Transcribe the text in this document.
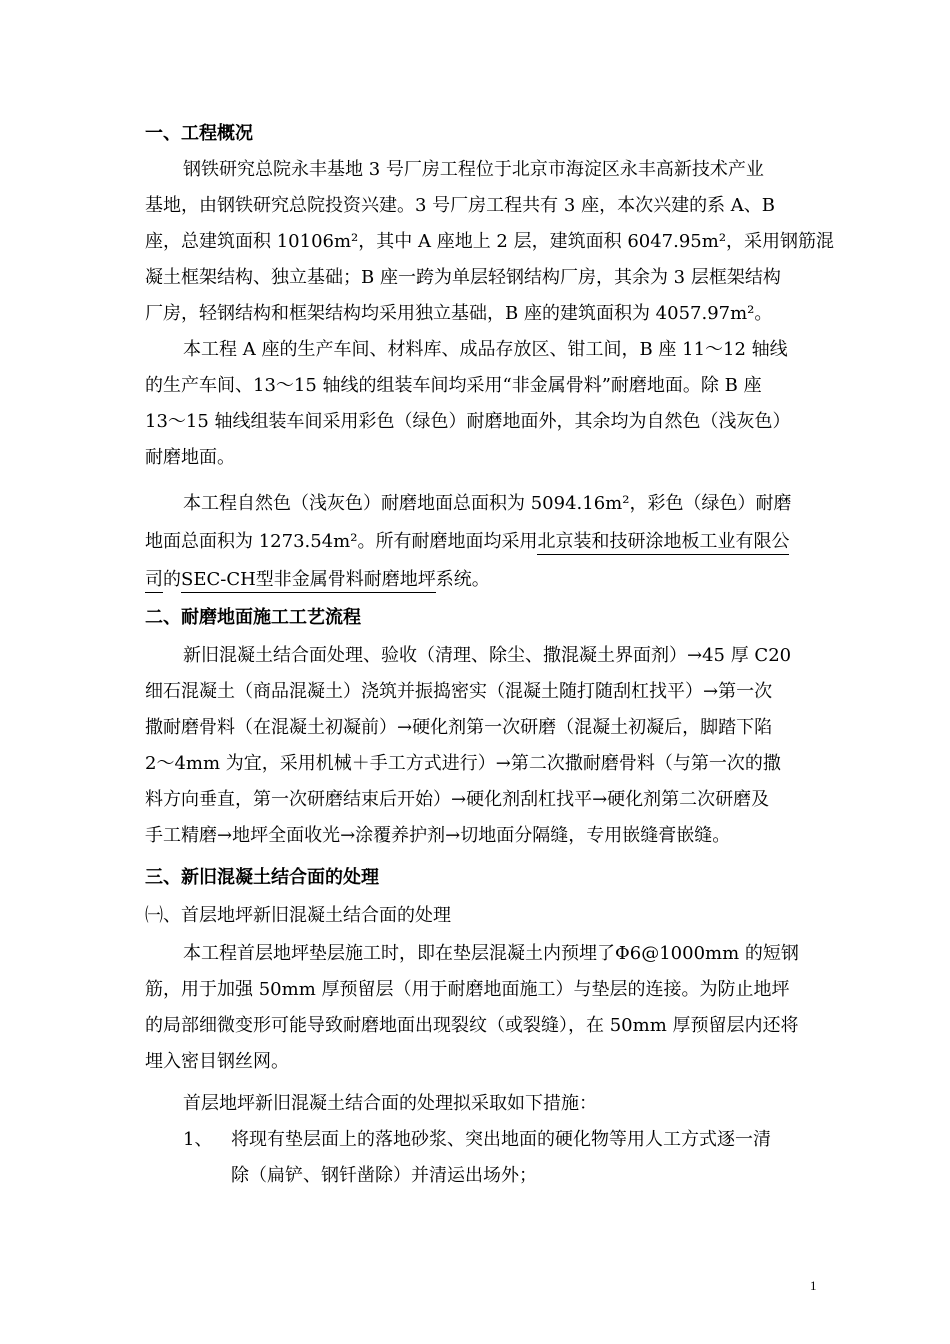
一、工程概况
钢铁研究总院永丰基地 3 号厂房工程位于北京市海淀区永丰高新技术产业
基地，由钢铁研究总院投资兴建。3 号厂房工程共有 3 座，本次兴建的系 A、B
座，总建筑面积 10106m²，其中 A 座地上 2 层，建筑面积 6047.95m²，采用钢筋混
凝土框架结构、独立基础；B 座一跨为单层轻钢结构厂房，其余为 3 层框架结构
厂房，轻钢结构和框架结构均采用独立基础，B 座的建筑面积为 4057.97m²。
本工程 A 座的生产车间、材料库、成品存放区、钳工间，B 座 11～12 轴线
的生产车间、13～15 轴线的组装车间均采用“非金属骨料”耐磨地面。除 B 座
13～15 轴线组装车间采用彩色（绿色）耐磨地面外，其余均为自然色（浅灰色）
耐磨地面。
本工程自然色（浅灰色）耐磨地面总面积为 5094.16m²，彩色（绿色）耐磨
地面总面积为 1273.54m²。所有耐磨地面均采用北京装和技研涂地板工业有限公
司的SEC-CH型非金属骨料耐磨地坪系统。
二、耐磨地面施工工艺流程
新旧混凝土结合面处理、验收（清理、除尘、撒混凝土界面剂）→45 厚 C20
细石混凝土（商品混凝土）浇筑并振捣密实（混凝土随打随刮杠找平）→第一次
撒耐磨骨料（在混凝土初凝前）→硬化剂第一次研磨（混凝土初凝后，脚踏下陷
2～4mm 为宜，采用机械＋手工方式进行）→第二次撒耐磨骨料（与第一次的撒
料方向垂直，第一次研磨结束后开始）→硬化剂刮杠找平→硬化剂第二次研磨及
手工精磨→地坪全面收光→涂覆养护剂→切地面分隔缝，专用嵌缝膏嵌缝。
三、新旧混凝土结合面的处理
㈠、首层地坪新旧混凝土结合面的处理
本工程首层地坪垫层施工时，即在垫层混凝土内预埋了Φ6@1000mm 的短钢
筋，用于加强 50mm 厚预留层（用于耐磨地面施工）与垫层的连接。为防止地坪
的局部细微变形可能导致耐磨地面出现裂纹（或裂缝），在 50mm 厚预留层内还将
埋入密目钢丝网。
首层地坪新旧混凝土结合面的处理拟采取如下措施：
1、 将现有垫层面上的落地砂浆、突出地面的硬化物等用人工方式逐一清
除（扁铲、钢钎凿除）并清运出场外；
1
